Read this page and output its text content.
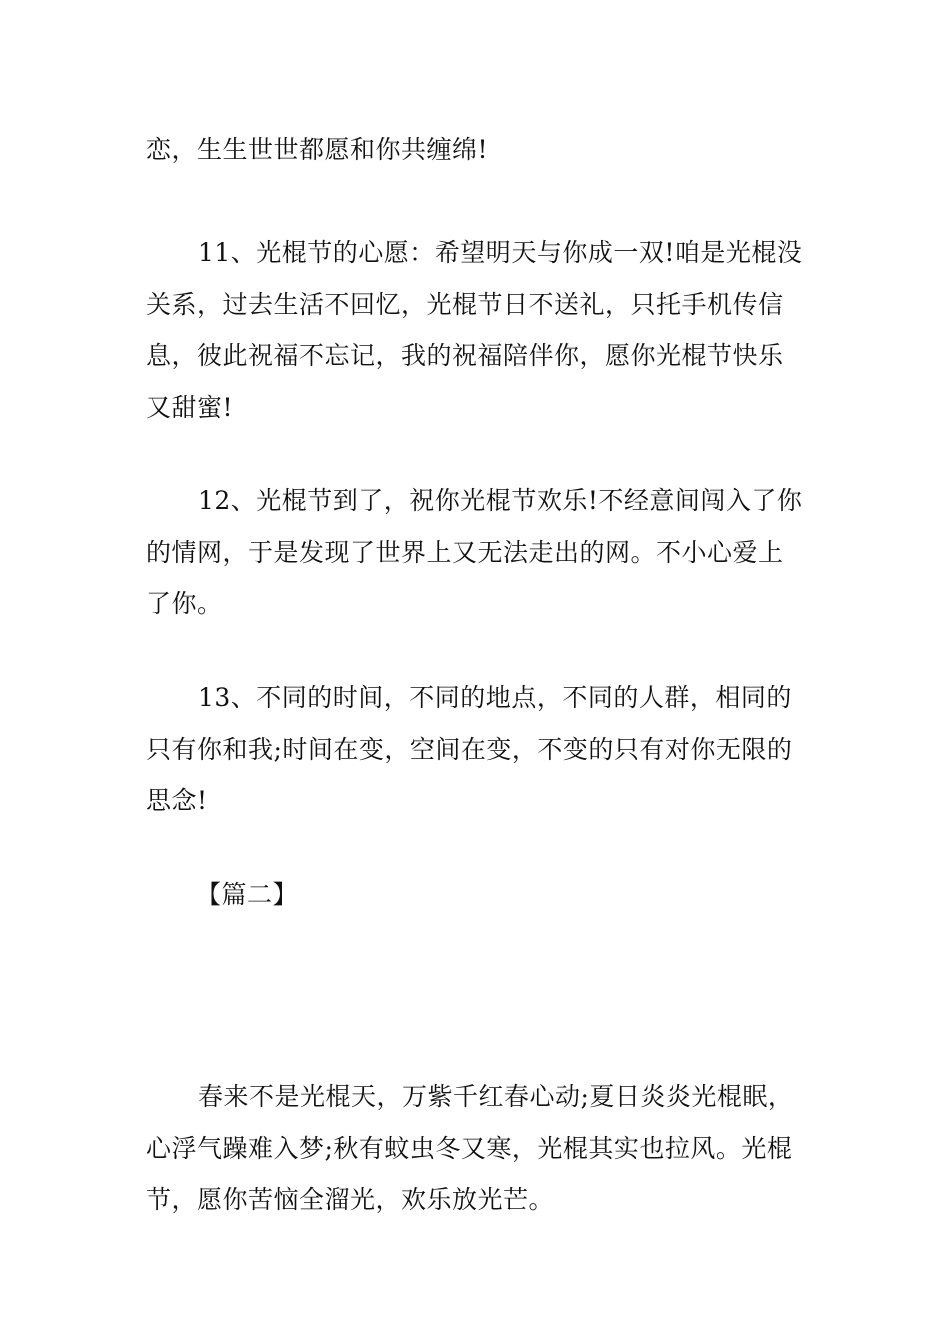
恋，生生世世都愿和你共缠绵!

11、光棍节的心愿：希望明天与你成一双!咱是光棍没关系，过去生活不回忆，光棍节日不送礼，只托手机传信息，彼此祝福不忘记，我的祝福陪伴你，愿你光棍节快乐又甜蜜!

12、光棍节到了，祝你光棍节欢乐!不经意间闯入了你的情网，于是发现了世界上又无法走出的网。不小心爱上了你。

13、不同的时间，不同的地点，不同的人群，相同的只有你和我;时间在变，空间在变，不变的只有对你无限的思念!

【篇二】

春来不是光棍天，万紫千红春心动;夏日炎炎光棍眠，心浮气躁难入梦;秋有蚊虫冬又寒，光棍其实也拉风。光棍节，愿你苦恼全溜光，欢乐放光芒。
